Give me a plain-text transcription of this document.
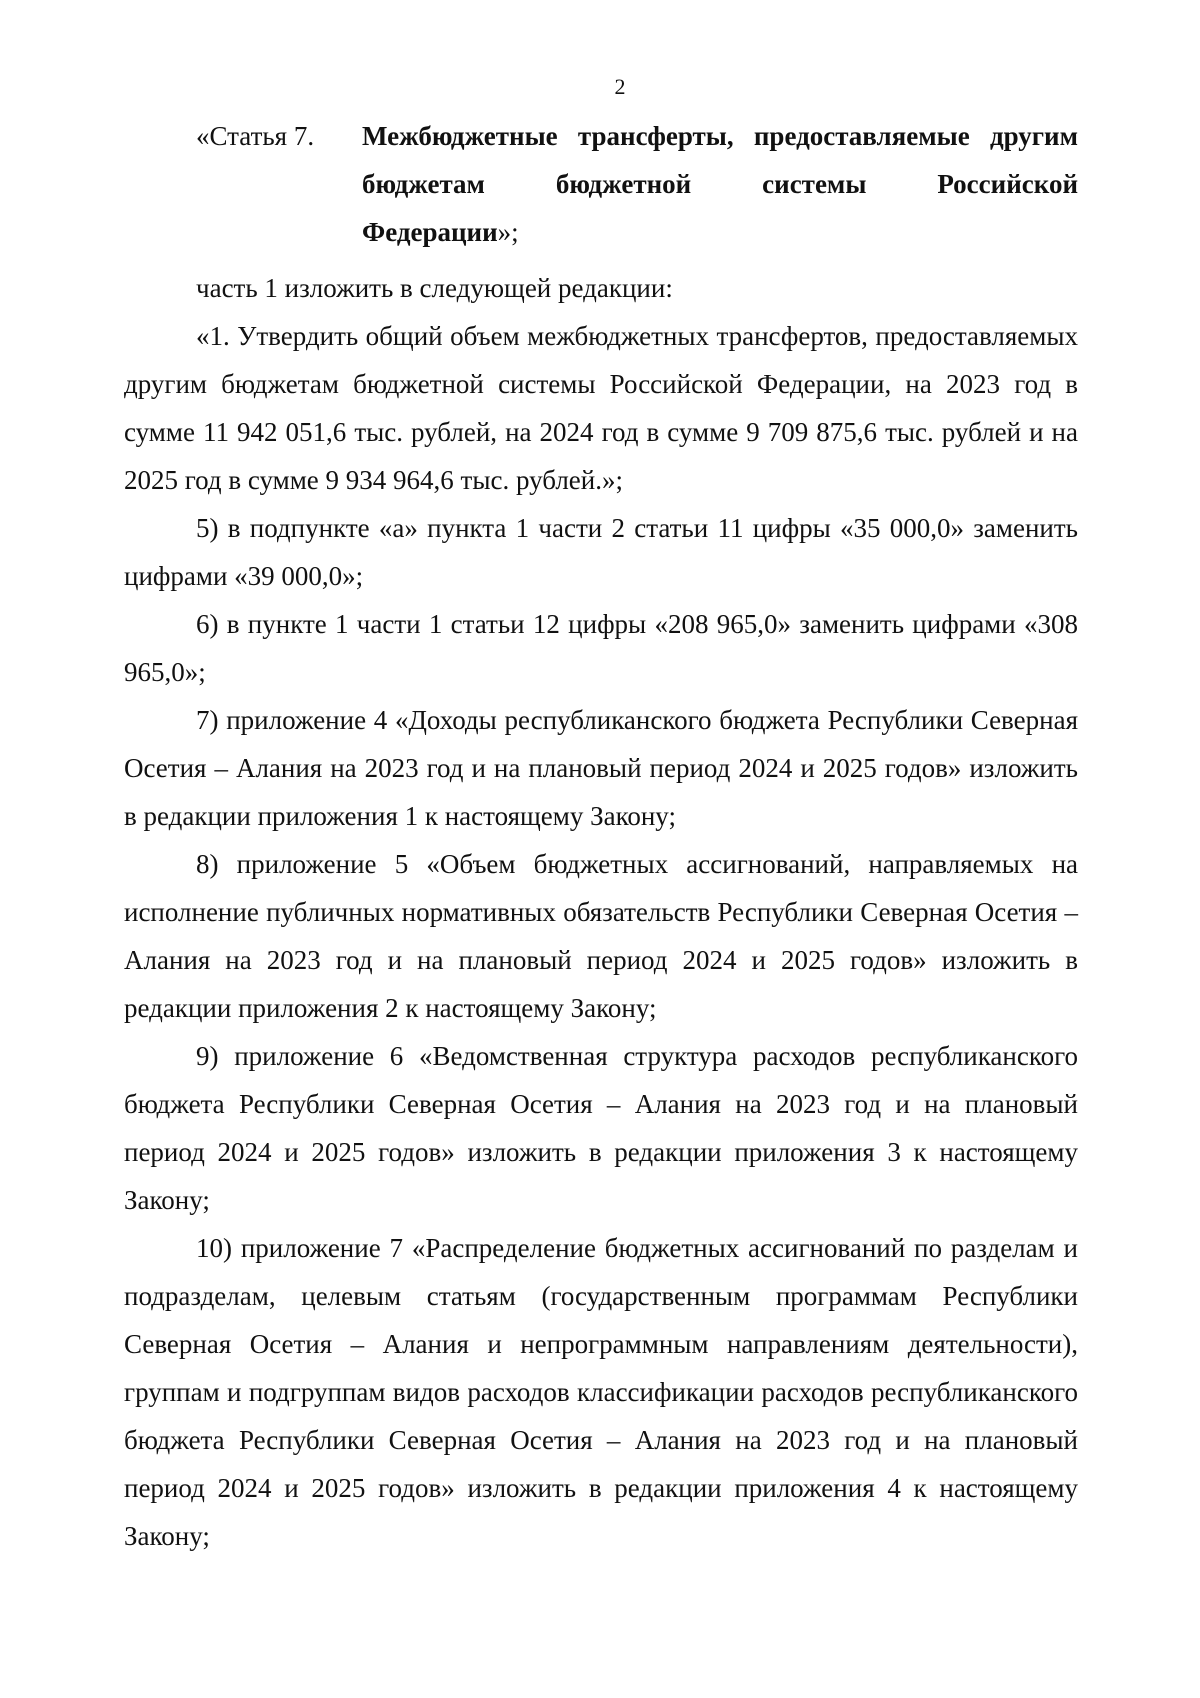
2
«Статья 7. Межбюджетные трансферты, предоставляемые другим
бюджетам бюджетной системы Российской
Федерации»;

часть 1 изложить в следующей редакции:

«1. Утвердить общий объем межбюджетных трансфертов, предоставляемых другим бюджетам бюджетной системы Российской Федерации, на 2023 год в сумме 11 942 051,6 тыс. рублей, на 2024 год в сумме 9 709 875,6 тыс. рублей и на 2025 год в сумме 9 934 964,6 тыс. рублей.»;

5) в подпункте «а» пункта 1 части 2 статьи 11 цифры «35 000,0» заменить цифрами «39 000,0»;

6) в пункте 1 части 1 статьи 12 цифры «208 965,0» заменить цифрами «308 965,0»;

7) приложение 4 «Доходы республиканского бюджета Республики Северная Осетия – Алания на 2023 год и на плановый период 2024 и 2025 годов» изложить в редакции приложения 1 к настоящему Закону;

8) приложение 5 «Объем бюджетных ассигнований, направляемых на исполнение публичных нормативных обязательств Республики Северная Осетия – Алания на 2023 год и на плановый период 2024 и 2025 годов» изложить в редакции приложения 2 к настоящему Закону;

9) приложение 6 «Ведомственная структура расходов республиканского бюджета Республики Северная Осетия – Алания на 2023 год и на плановый период 2024 и 2025 годов» изложить в редакции приложения 3 к настоящему Закону;

10) приложение 7 «Распределение бюджетных ассигнований по разделам и подразделам, целевым статьям (государственным программам Республики Северная Осетия – Алания и непрограммным направлениям деятельности), группам и подгруппам видов расходов классификации расходов республиканского бюджета Республики Северная Осетия – Алания на 2023 год и на плановый период 2024 и 2025 годов» изложить в редакции приложения 4 к настоящему Закону;
